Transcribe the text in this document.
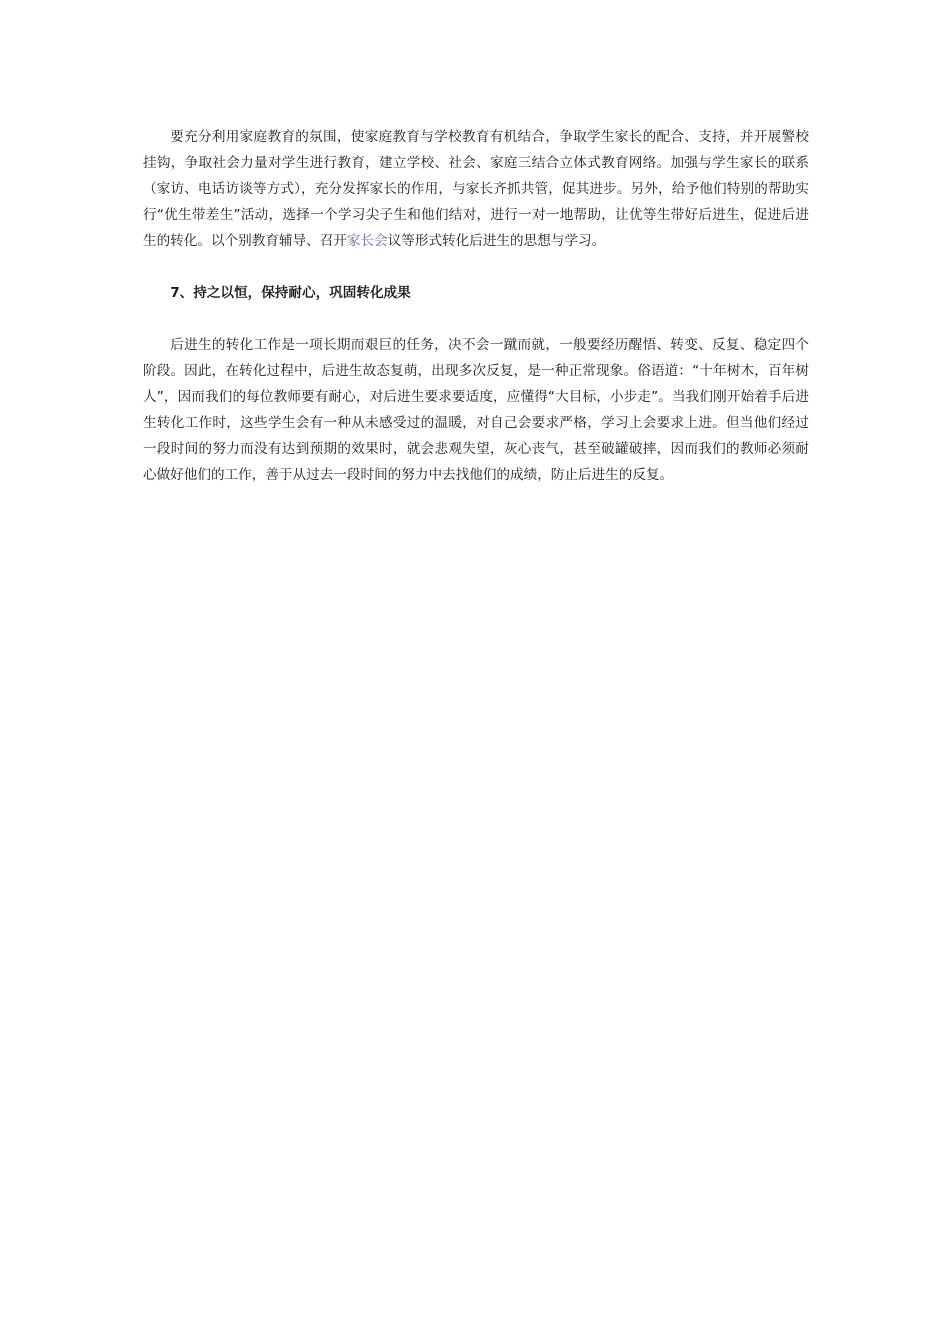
要充分利用家庭教育的氛围，使家庭教育与学校教育有机结合，争取学生家长的配合、支持，并开展警校挂钩，争取社会力量对学生进行教育，建立学校、社会、家庭三结合立体式教育网络。加强与学生家长的联系（家访、电话访谈等方式），充分发挥家长的作用，与家长齐抓共管，促其进步。另外，给予他们特别的帮助实行“优生带差生”活动，选择一个学习尖子生和他们结对，进行一对一地帮助，让优等生带好后进生，促进后进生的转化。以个别教育辅导、召开家长会议等形式转化后进生的思想与学习。

7、持之以恒，保持耐心，巩固转化成果

后进生的转化工作是一项长期而艰巨的任务，决不会一蹴而就，一般要经历醒悟、转变、反复、稳定四个阶段。因此，在转化过程中，后进生故态复萌，出现多次反复，是一种正常现象。俗语道：“十年树木，百年树人”，因而我们的每位教师要有耐心，对后进生要求要适度，应懂得“大目标，小步走”。当我们刚开始着手后进生转化工作时，这些学生会有一种从未感受过的温暖，对自己会要求严格，学习上会要求上进。但当他们经过一段时间的努力而没有达到预期的效果时，就会悲观失望，灰心丧气，甚至破罐破摔，因而我们的教师必须耐心做好他们的工作，善于从过去一段时间的努力中去找他们的成绩，防止后进生的反复。
